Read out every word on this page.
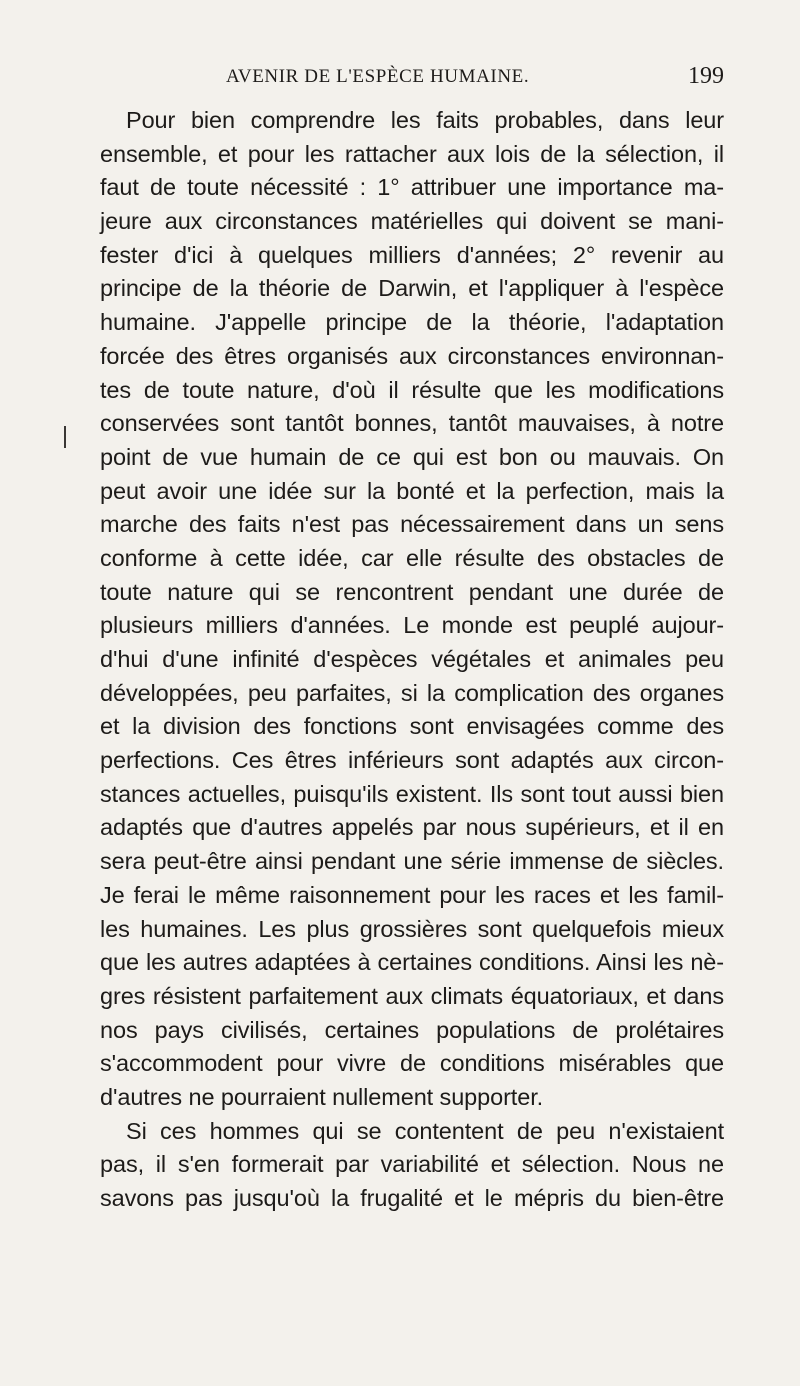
AVENIR DE L'ESPÈCE HUMAINE.	199
Pour bien comprendre les faits probables, dans leur
ensemble, et pour les rattacher aux lois de la sélection, il
faut de toute nécessité : 1° attribuer une importance ma-
jeure aux circonstances matérielles qui doivent se mani-
fester d'ici à quelques milliers d'années; 2° revenir au
principe de la théorie de Darwin, et l'appliquer à l'espèce
humaine. J'appelle principe de la théorie, l'adaptation
forcée des êtres organisés aux circonstances environnan-
tes de toute nature, d'où il résulte que les modifications
conservées sont tantôt bonnes, tantôt mauvaises, à notre
point de vue humain de ce qui est bon ou mauvais. On
peut avoir une idée sur la bonté et la perfection, mais la
marche des faits n'est pas nécessairement dans un sens
conforme à cette idée, car elle résulte des obstacles de
toute nature qui se rencontrent pendant une durée de
plusieurs milliers d'années. Le monde est peuplé aujour-
d'hui d'une infinité d'espèces végétales et animales peu
développées, peu parfaites, si la complication des organes
et la division des fonctions sont envisagées comme des
perfections. Ces êtres inférieurs sont adaptés aux circon-
stances actuelles, puisqu'ils existent. Ils sont tout aussi bien
adaptés que d'autres appelés par nous supérieurs, et il en
sera peut-être ainsi pendant une série immense de siècles.
Je ferai le même raisonnement pour les races et les famil-
les humaines. Les plus grossières sont quelquefois mieux
que les autres adaptées à certaines conditions. Ainsi les nè-
gres résistent parfaitement aux climats équatoriaux, et dans
nos pays civilisés, certaines populations de prolétaires
s'accommodent pour vivre de conditions misérables que
d'autres ne pourraient nullement supporter.
Si ces hommes qui se contentent de peu n'existaient
pas, il s'en formerait par variabilité et sélection. Nous ne
savons pas jusqu'où la frugalité et le mépris du bien-être
